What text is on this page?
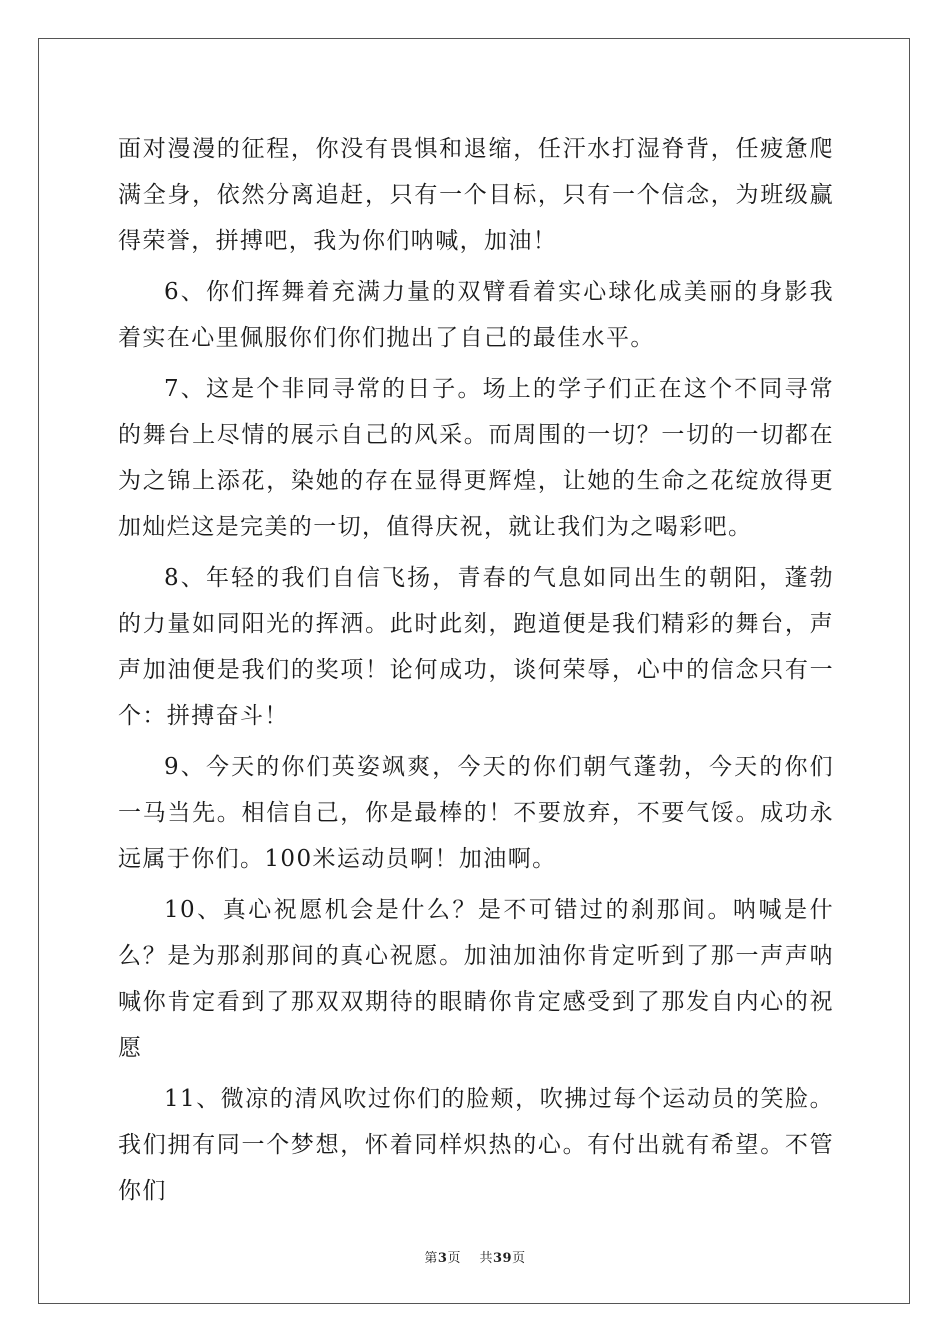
面对漫漫的征程，你没有畏惧和退缩，任汗水打湿脊背，任疲惫爬满全身，依然分离追赶，只有一个目标，只有一个信念，为班级赢得荣誉，拼搏吧，我为你们呐喊，加油！

6、你们挥舞着充满力量的双臂看着实心球化成美丽的身影我着实在心里佩服你们你们抛出了自己的最佳水平。

7、这是个非同寻常的日子。场上的学子们正在这个不同寻常的舞台上尽情的展示自己的风采。而周围的一切？一切的一切都在为之锦上添花，染她的存在显得更辉煌，让她的生命之花绽放得更加灿烂这是完美的一切，值得庆祝，就让我们为之喝彩吧。

8、年轻的我们自信飞扬，青春的气息如同出生的朝阳，蓬勃的力量如同阳光的挥洒。此时此刻，跑道便是我们精彩的舞台，声声加油便是我们的奖项！论何成功，谈何荣辱，心中的信念只有一个：拼搏奋斗！

9、今天的你们英姿飒爽，今天的你们朝气蓬勃，今天的你们一马当先。相信自己，你是最棒的！不要放弃，不要气馁。成功永远属于你们。100米运动员啊！加油啊。

10、真心祝愿机会是什么？是不可错过的刹那间。呐喊是什么？是为那刹那间的真心祝愿。加油加油你肯定听到了那一声声呐喊你肯定看到了那双双期待的眼睛你肯定感受到了那发自内心的祝愿

11、微凉的清风吹过你们的脸颊，吹拂过每个运动员的笑脸。我们拥有同一个梦想，怀着同样炽热的心。有付出就有希望。不管你们

第3页 共39页
